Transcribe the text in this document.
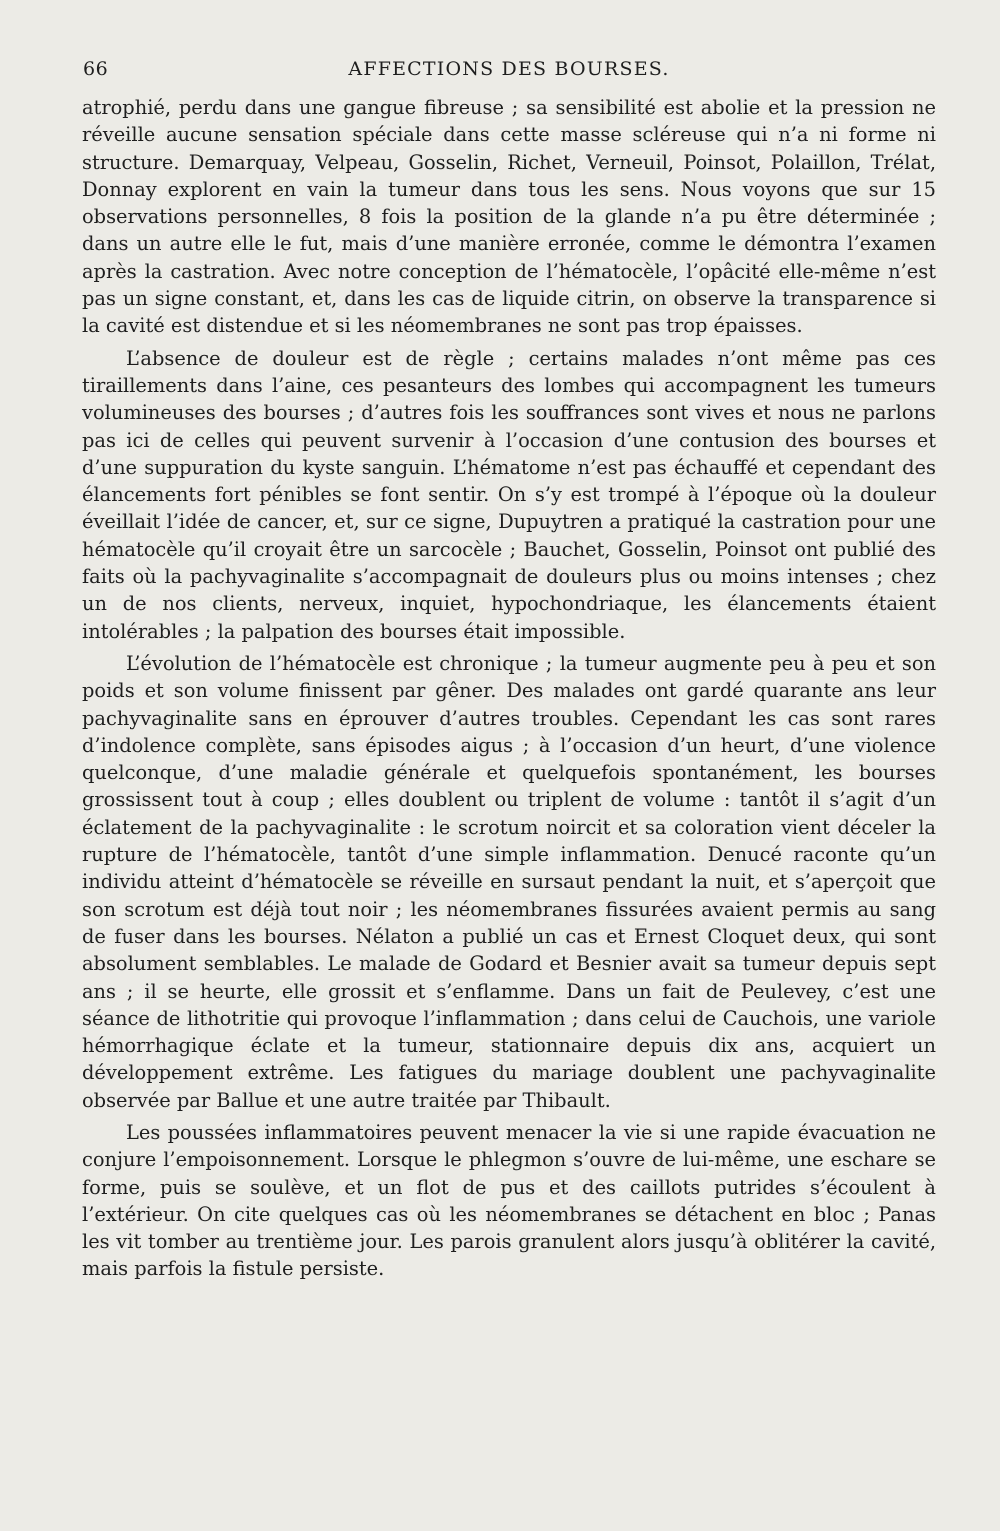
66	AFFECTIONS DES BOURSES.

atrophié, perdu dans une gangue fibreuse ; sa sensibilité est abolie et la pression ne réveille aucune sensation spéciale dans cette masse scléreuse qui n’a ni forme ni structure. Demarquay, Velpeau, Gosselin, Richet, Verneuil, Poinsot, Polaillon, Trélat, Donnay explorent en vain la tumeur dans tous les sens. Nous voyons que sur 15 observations personnelles, 8 fois la position de la glande n’a pu être déterminée ; dans un autre elle le fut, mais d’une manière erronée, comme le démontra l’examen après la castration. Avec notre conception de l’hématocèle, l’opâcité elle-même n’est pas un signe constant, et, dans les cas de liquide citrin, on observe la transparence si la cavité est distendue et si les néomembranes ne sont pas trop épaisses.

L’absence de douleur est de règle ; certains malades n’ont même pas ces tiraillements dans l’aine, ces pesanteurs des lombes qui accompagnent les tumeurs volumineuses des bourses ; d’autres fois les souffrances sont vives et nous ne parlons pas ici de celles qui peuvent survenir à l’occasion d’une contusion des bourses et d’une suppuration du kyste sanguin. L’hématome n’est pas échauffé et cependant des élancements fort pénibles se font sentir. On s’y est trompé à l’époque où la douleur éveillait l’idée de cancer, et, sur ce signe, Dupuytren a pratiqué la castration pour une hématocèle qu’il croyait être un sarcocèle ; Bauchet, Gosselin, Poinsot ont publié des faits où la pachyvaginalite s’accompagnait de douleurs plus ou moins intenses ; chez un de nos clients, nerveux, inquiet, hypochondriaque, les élancements étaient intolérables ; la palpation des bourses était impossible.

L’évolution de l’hématocèle est chronique ; la tumeur augmente peu à peu et son poids et son volume finissent par gêner. Des malades ont gardé quarante ans leur pachyvaginalite sans en éprouver d’autres troubles. Cependant les cas sont rares d’indolence complète, sans épisodes aigus ; à l’occasion d’un heurt, d’une violence quelconque, d’une maladie générale et quelquefois spontanément, les bourses grossissent tout à coup ; elles doublent ou triplent de volume : tantôt il s’agit d’un éclatement de la pachyvaginalite : le scrotum noircit et sa coloration vient déceler la rupture de l’hématocèle, tantôt d’une simple inflammation. Denucé raconte qu’un individu atteint d’hématocèle se réveille en sursaut pendant la nuit, et s’aperçoit que son scrotum est déjà tout noir ; les néomembranes fissurées avaient permis au sang de fuser dans les bourses. Nélaton a publié un cas et Ernest Cloquet deux, qui sont absolument semblables. Le malade de Godard et Besnier avait sa tumeur depuis sept ans ; il se heurte, elle grossit et s’enflamme. Dans un fait de Peulevey, c’est une séance de lithotritie qui provoque l’inflammation ; dans celui de Cauchois, une variole hémorrhagique éclate et la tumeur, stationnaire depuis dix ans, acquiert un développement extrême. Les fatigues du mariage doublent une pachyvaginalite observée par Ballue et une autre traitée par Thibault.

Les poussées inflammatoires peuvent menacer la vie si une rapide évacuation ne conjure l’empoisonnement. Lorsque le phlegmon s’ouvre de lui-même, une eschare se forme, puis se soulève, et un flot de pus et des caillots putrides s’écoulent à l’extérieur. On cite quelques cas où les néomembranes se détachent en bloc ; Panas les vit tomber au trentième jour. Les parois granulent alors jusqu’à oblitérer la cavité, mais parfois la fistule persiste.
